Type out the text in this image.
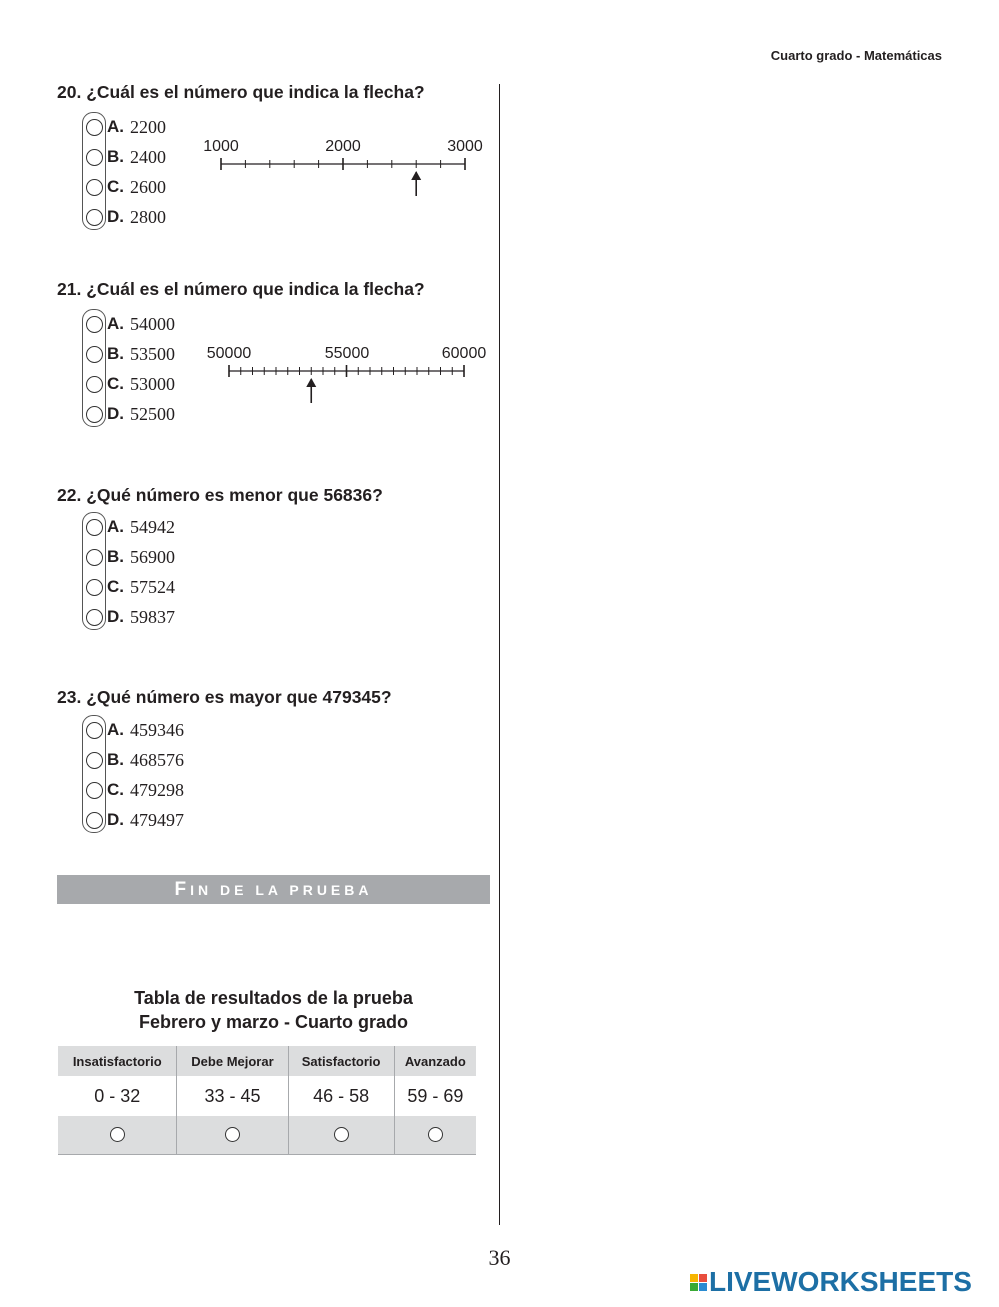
Cuarto grado - Matemáticas
20. ¿Cuál es el número que indica la flecha?
A. 2200
B. 2400
C. 2600
D. 2800
1000	2000	3000
21. ¿Cuál es el número que indica la flecha?
A. 54000
B. 53500
C. 53000
D. 52500
50000	55000	60000
22. ¿Qué número es menor que 56836?
A. 54942
B. 56900
C. 57524
D. 59837
23. ¿Qué número es mayor que 479345?
A. 459346
B. 468576
C. 479298
D. 479497
FIN DE LA PRUEBA
Tabla de resultados de la prueba
Febrero y marzo - Cuarto grado
Insatisfactorio	Debe Mejorar	Satisfactorio	Avanzado
0 - 32	33 - 45	46 - 58	59 - 69

36
LIVEWORKSHEETS
